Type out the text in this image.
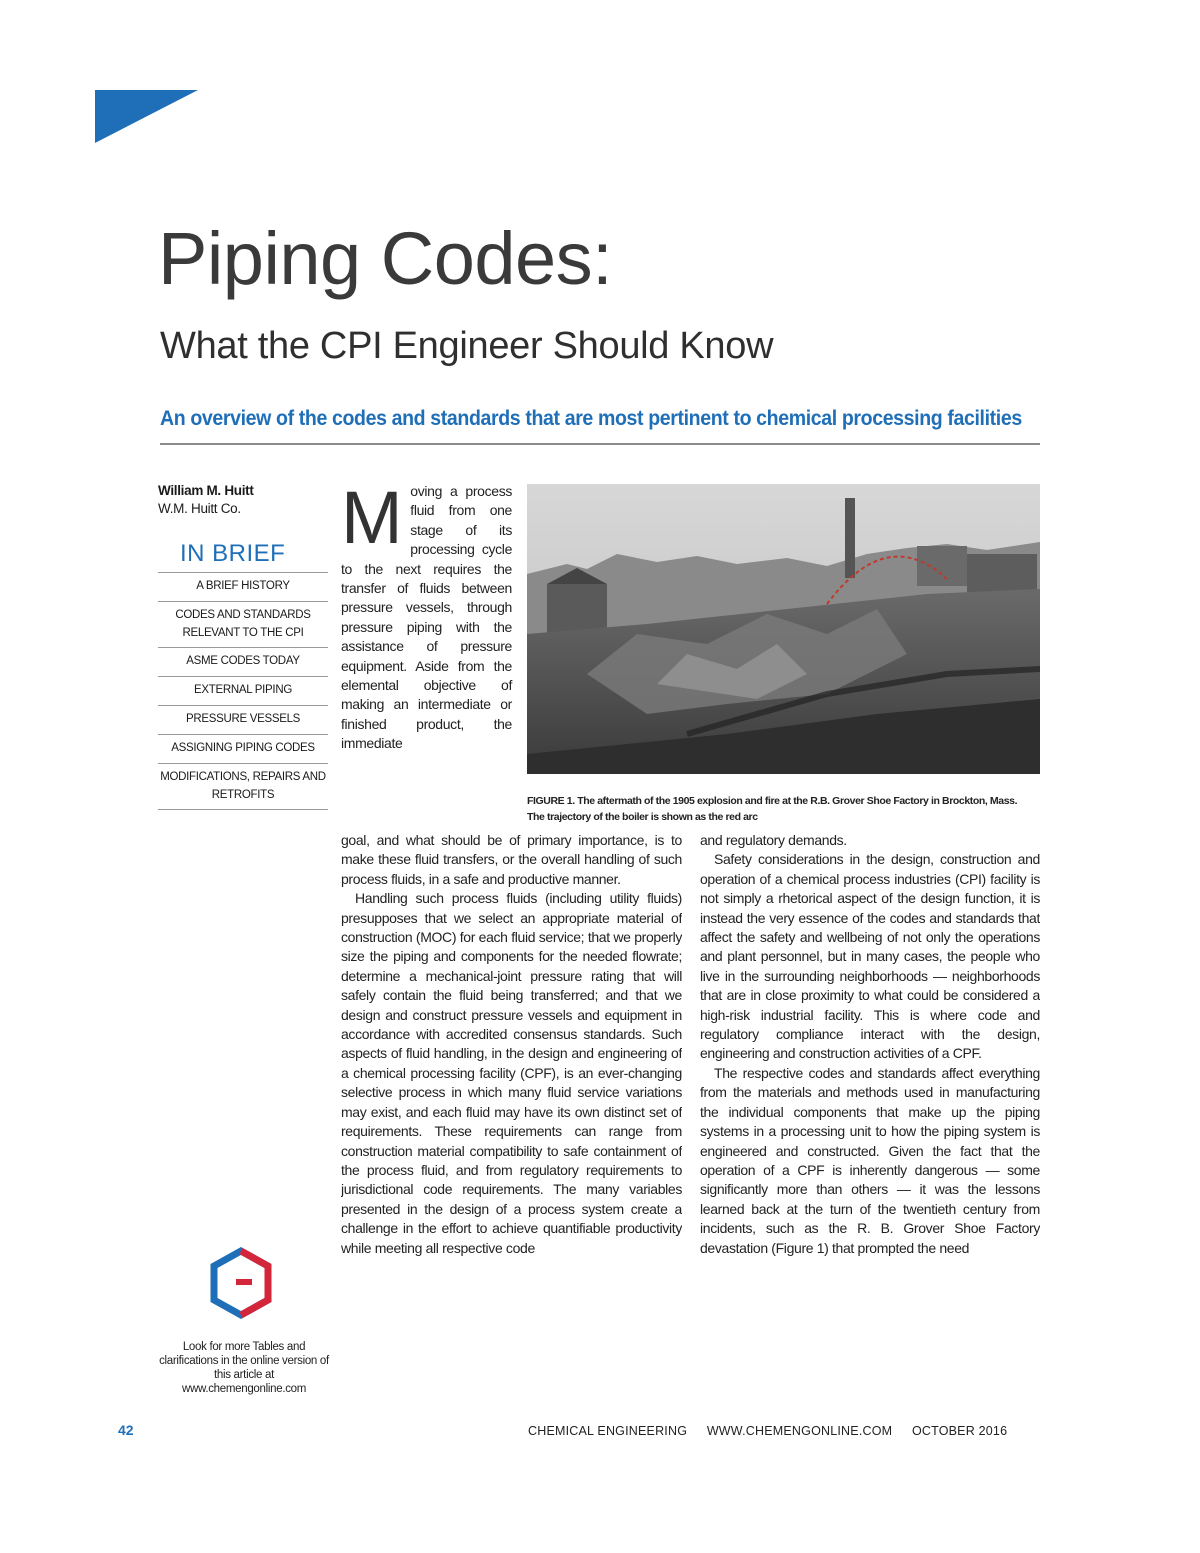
Piping Codes:
What the CPI Engineer Should Know

An overview of the codes and standards that are most pertinent to chemical processing facilities

William M. Huitt
W.M. Huitt Co.
IN BRIEF
A BRIEF HISTORY
CODES AND STANDARDS RELEVANT TO THE CPI
ASME CODES TODAY
EXTERNAL PIPING
PRESSURE VESSELS
ASSIGNING PIPING CODES
MODIFICATIONS, REPAIRS AND RETROFITS

Moving a process fluid from one stage of its processing cycle to the next requires the transfer of fluids between pressure vessels, through pressure piping with the assistance of pressure equipment. Aside from the elemental objective of making an intermediate or finished product, the immediate

goal, and what should be of primary importance, is to make these fluid transfers, or the overall handling of such process fluids, in a safe and productive manner.

Handling such process fluids (including utility fluids) presupposes that we select an appropriate material of construction (MOC) for each fluid service; that we properly size the piping and components for the needed flowrate; determine a mechanical-joint pressure rating that will safely contain the fluid being transferred; and that we design and construct pressure vessels and equipment in accordance with accredited consensus standards. Such aspects of fluid handling, in the design and engineering of a chemical processing facility (CPF), is an ever-changing selective process in which many fluid service variations may exist, and each fluid may have its own distinct set of requirements. These requirements can range from construction material compatibility to safe containment of the process fluid, and from regulatory requirements to jurisdictional code requirements. The many variables presented in the design of a process system create a challenge in the effort to achieve quantifiable productivity while meeting all respective code

FIGURE 1. The aftermath of the 1905 explosion and fire at the R.B. Grover Shoe Factory in Brockton, Mass. The trajectory of the boiler is shown as the red arc

and regulatory demands.

Safety considerations in the design, construction and operation of a chemical process industries (CPI) facility is not simply a rhetorical aspect of the design function, it is instead the very essence of the codes and standards that affect the safety and wellbeing of not only the operations and plant personnel, but in many cases, the people who live in the surrounding neighborhoods — neighborhoods that are in close proximity to what could be considered a high-risk industrial facility. This is where code and regulatory compliance interact with the design, engineering and construction activities of a CPF.

The respective codes and standards affect everything from the materials and methods used in manufacturing the individual components that make up the piping systems in a processing unit to how the piping system is engineered and constructed. Given the fact that the operation of a CPF is inherently dangerous — some significantly more than others — it was the lessons learned back at the turn of the twentieth century from incidents, such as the R. B. Grover Shoe Factory devastation (Figure 1) that prompted the need

Look for more Tables and clarifications in the online version of this article at www.chemengonline.com

42	CHEMICAL ENGINEERING WWW.CHEMENGONLINE.COM OCTOBER 2016
